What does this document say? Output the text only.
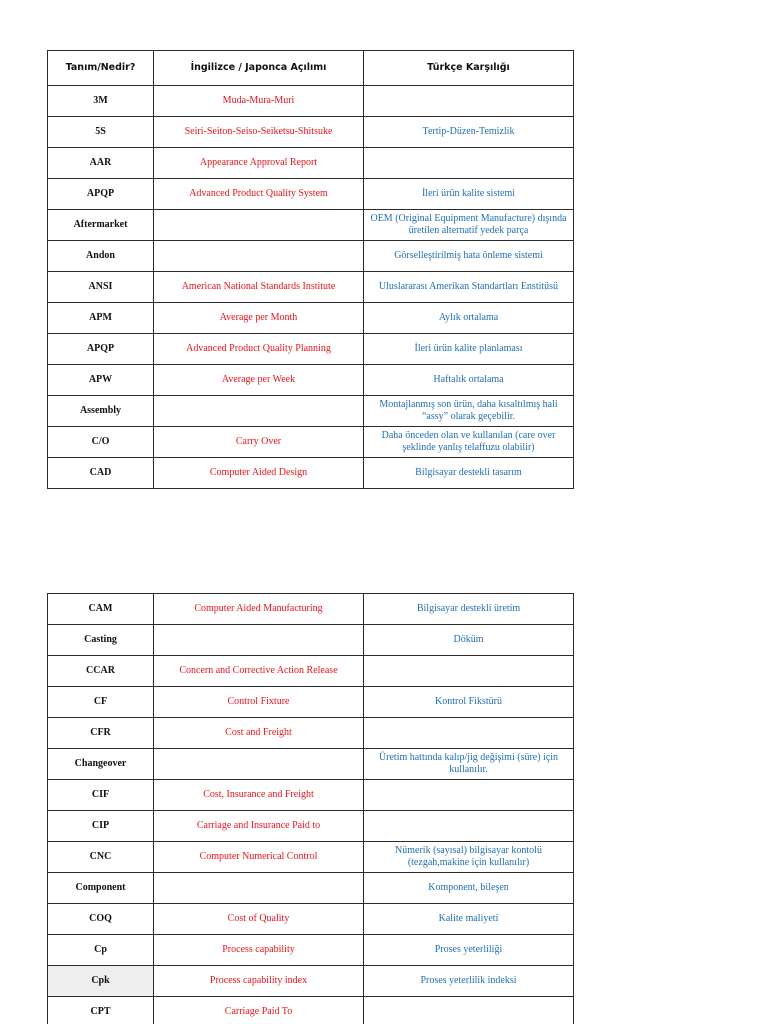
Tanım/Nedir?	İngilizce / Japonca Açılımı	Türkçe Karşılığı
3M	Muda-Mura-Muri	
5S	Seiri-Seiton-Seiso-Seiketsu-Shitsuke	Tertip-Düzen-Temizlik
AAR	Appearance Approval Report	
APQP	Advanced Product Quality System	İleri ürün kalite sistemi
Aftermarket		OEM (Original Equipment Manufacture) dışında üretilen alternatif yedek parça
Andon		Görselleştirilmiş hata önleme sistemi
ANSI	American National Standards Institute	Uluslararası Amerikan Standartları Enstitüsü
APM	Average per Month	Aylık ortalama
APQP	Advanced Product Quality Planning	İleri ürün kalite planlaması
APW	Average per Week	Haftalık ortalama
Assembly		Montajlanmış son ürün, daha kısaltılmış hali “assy” olarak geçebilir.
C/O	Carry Over	Daha önceden olan ve kullanılan (care over şeklinde yanlış telaffuzu olabilir)
CAD	Computer Aided Design	Bilgisayar destekli tasarım
CAM	Computer Aided Manufacturing	Bilgisayar destekli üretim
Casting		Döküm
CCAR	Concern and Corrective Action Release	
CF	Control Fixture	Kontrol Fikstürü
CFR	Cost and Freight	
Changeover		Üretim hattında kalıp/jig değişimi (süre) için kullanılır.
CIF	Cost, Insurance and Freight	
CIP	Carriage and Insurance Paid to	
CNC	Computer Numerical Control	Nümerik (sayısal) bilgisayar kontolü (tezgah,makine için kullanılır)
Component		Komponent, bileşen
COQ	Cost of Quality	Kalite maliyeti
Cp	Process capability	Proses yeterliliği
Cpk	Process capability index	Proses yeterlilik indeksi
CPT	Carriage Paid To	
